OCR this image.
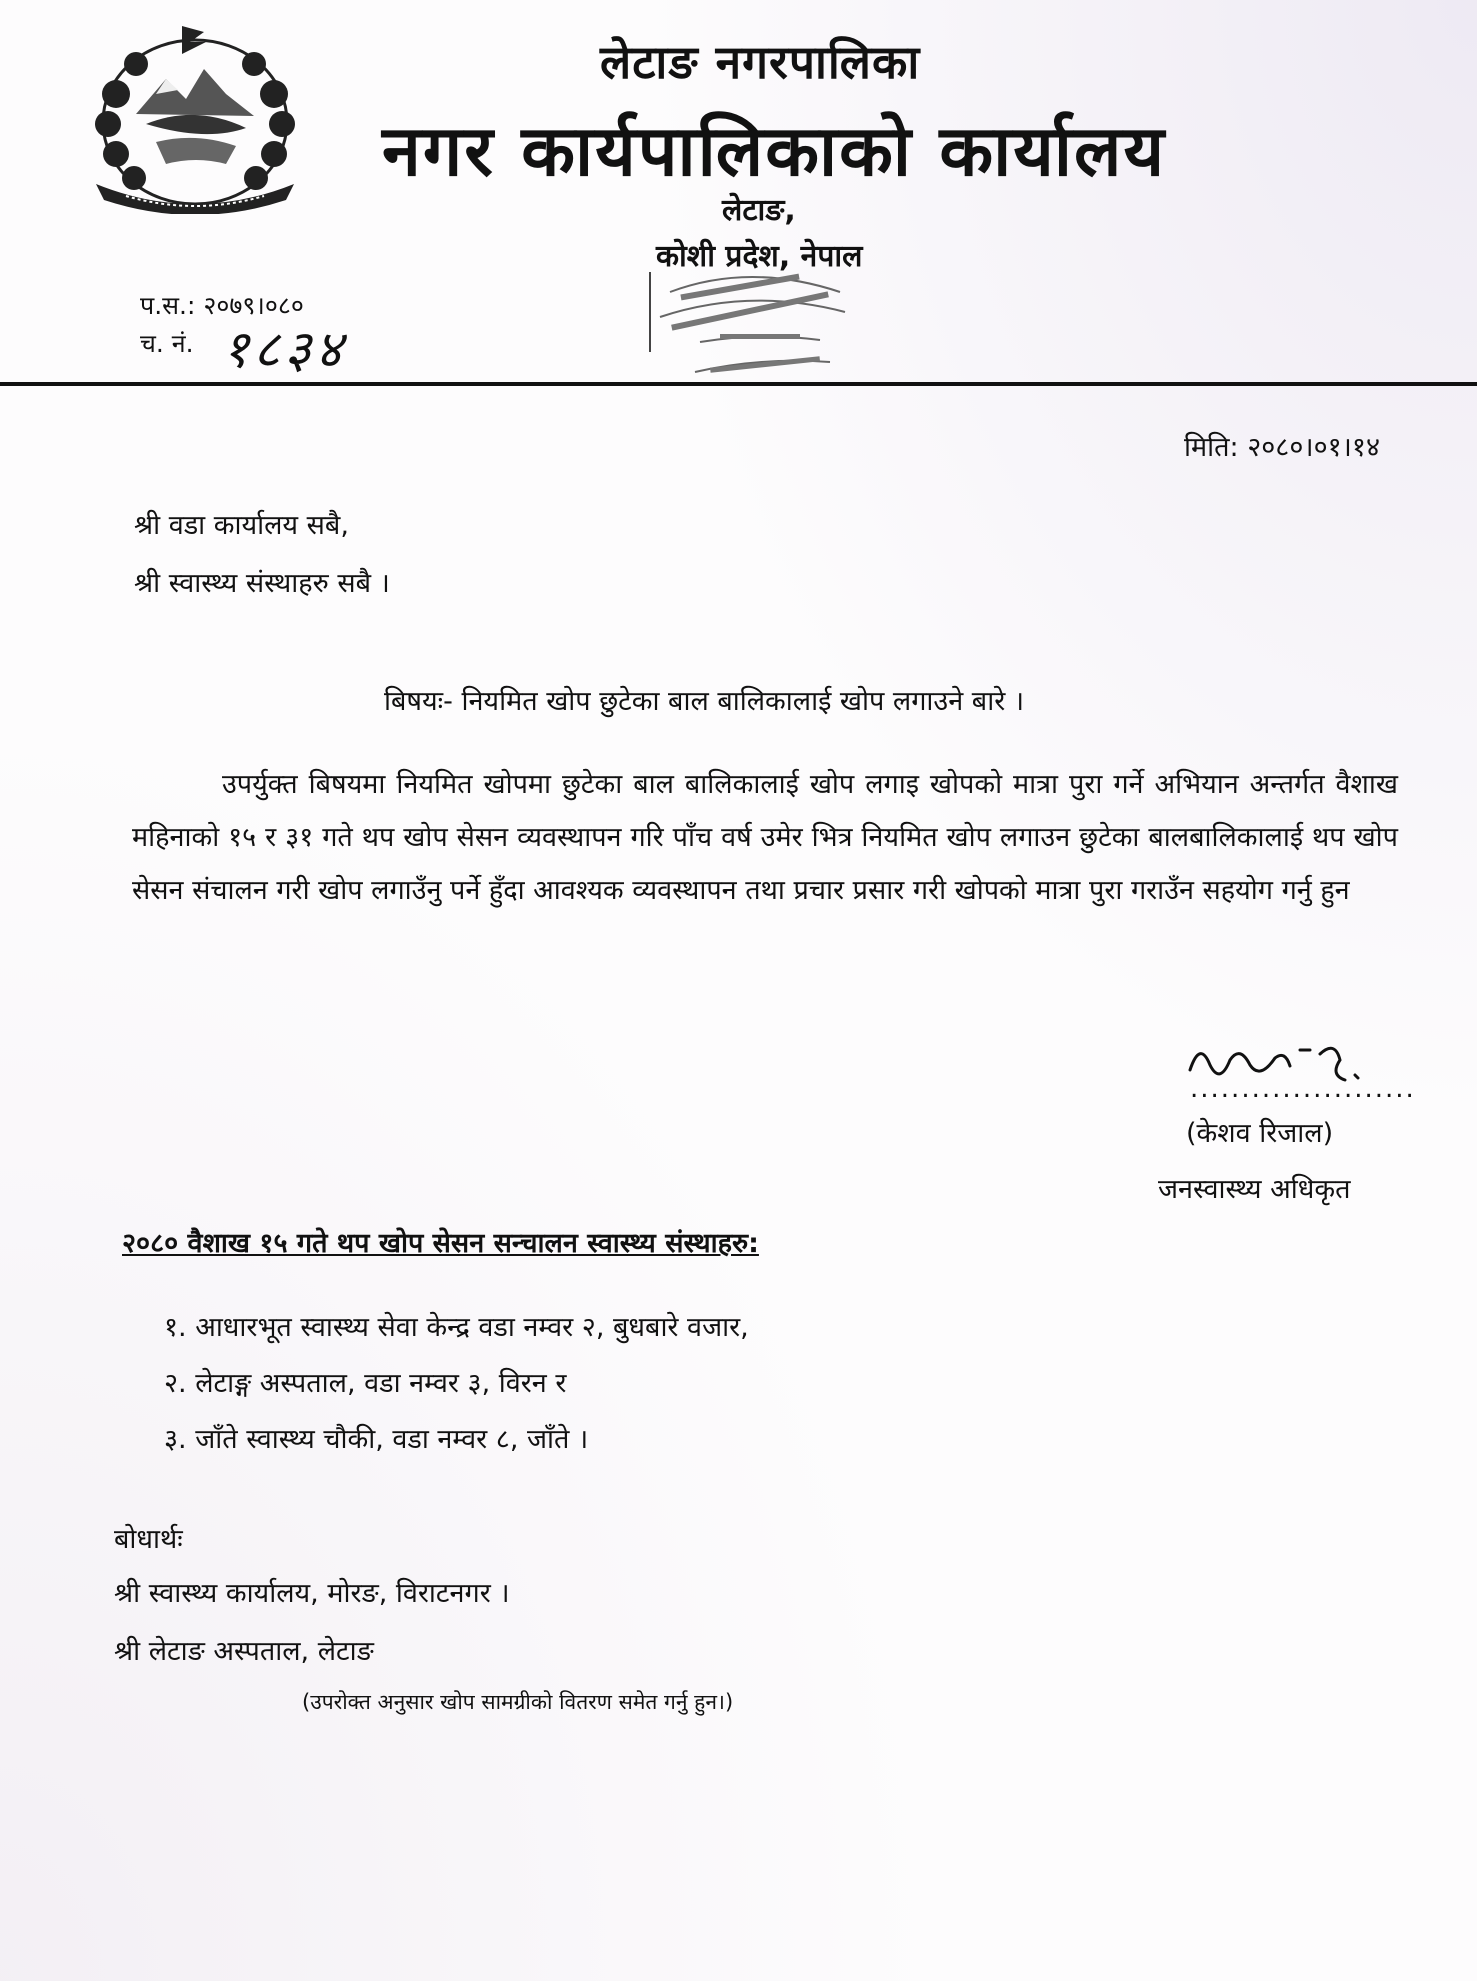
लेटाङ नगरपालिका
नगर कार्यपालिकाको कार्यालय
लेटाङ,
कोशी प्रदेश, नेपाल
प.स.: २०७९।०८०
च. नं. १८३४
मिति: २०८०।०१।१४
श्री वडा कार्यालय सबै,
श्री स्वास्थ्य संस्थाहरु सबै ।
बिषयः- नियमित खोप छुटेका बाल बालिकालाई खोप लगाउने बारे ।
उपर्युक्त बिषयमा नियमित खोपमा छुटेका बाल बालिकालाई खोप लगाइ खोपको मात्रा पुरा गर्ने अभियान अन्तर्गत वैशाख महिनाको १५ र ३१ गते थप खोप सेसन व्यवस्थापन गरि पाँच वर्ष उमेर भित्र नियमित खोप लगाउन छुटेका बालबालिकालाई थप खोप सेसन संचालन गरी खोप लगाउँनु पर्ने हुँदा आवश्यक व्यवस्थापन तथा प्रचार प्रसार गरी खोपको मात्रा पुरा गराउँन सहयोग गर्नु हुन
......................
(केशव रिजाल)
जनस्वास्थ्य अधिकृत
२०८० वैशाख १५ गते थप खोप सेसन सन्चालन स्वास्थ्य संस्थाहरु:
१. आधारभूत स्वास्थ्य सेवा केन्द्र वडा नम्वर २, बुधबारे वजार,
२. लेटाङ्ग अस्पताल, वडा नम्वर ३, विरन र
३. जाँते स्वास्थ्य चौकी, वडा नम्वर ८, जाँते ।
बोधार्थः
श्री स्वास्थ्य कार्यालय, मोरङ, विराटनगर ।
श्री लेटाङ अस्पताल, लेटाङ
(उपरोक्त अनुसार खोप सामग्रीको वितरण समेत गर्नु हुन।)
